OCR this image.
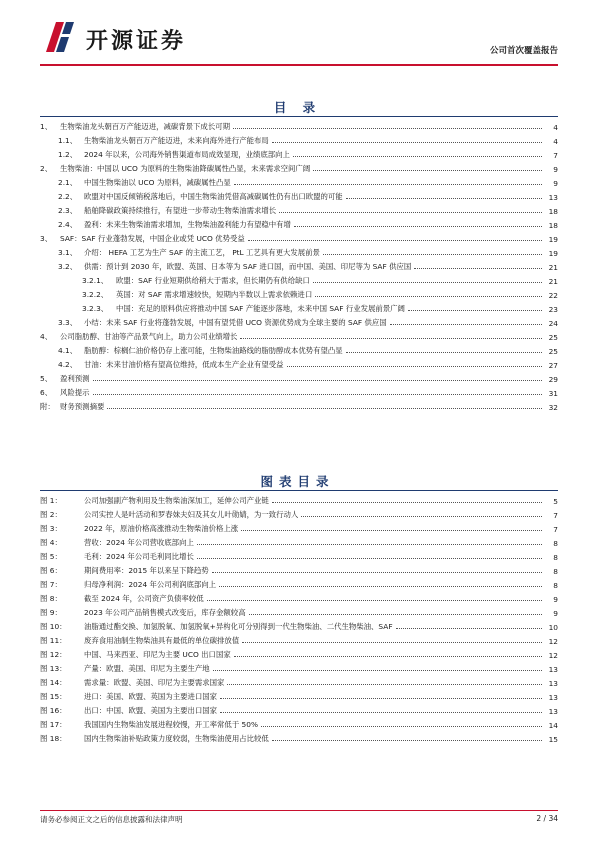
开源证券	公司首次覆盖报告
目 录
1、	生物柴油龙头朝百万产能迈进，减碳背景下成长可期	4
1.1、 生物柴油龙头朝百万产能迈进，未来向海外进行产能布局	4
1.2、 2024 年以来，公司海外销售渠道布局成效显现，业绩底部向上	7
2、	生物柴油：中国以 UCO 为原料的生物柴油降碳属性凸显，未来需求空间广阔	9
2.1、 中国生物柴油以 UCO 为原料，减碳属性凸显	9
2.2、 欧盟对中国反倾销税落地后，中国生物柴油凭借高减碳属性仍有出口欧盟的可能	13
2.3、 船舶降碳政策持续推行，有望进一步带动生物柴油需求增长	18
2.4、 盈利：未来生物柴油需求增加，生物柴油盈利能力有望稳中有增	18
3、	SAF：SAF 行业蓬勃发展，中国企业或凭 UCO 优势受益	19
3.1、 介绍： HEFA 工艺为生产 SAF 的主流工艺， PtL 工艺具有更大发展前景	19
3.2、 供需：预计到 2030 年，欧盟、英国、日本等为 SAF 进口国，而中国、美国、印尼等为 SAF 供应国	21
3.2.1、	欧盟：SAF 行业短期供给稍大于需求，但长期仍有供给缺口	21
3.2.2、	英国：对 SAF 需求增速较快，短期内半数以上需求依赖进口	22
3.2.3、	中国：充足的原料供应将推动中国 SAF 产能逐步落地，未来中国 SAF 行业发展前景广阔	23
3.3、 小结：未来 SAF 行业将蓬勃发展，中国有望凭借 UCO 资源优势成为全球主要的 SAF 供应国	24
4、	公司脂肪醇、甘油等产品景气向上，助力公司业绩增长	25
4.1、 脂肪醇：棕榈仁油价格仍存上涨可能，生物柴油路线的脂肪醇成本优势有望凸显	25
4.2、 甘油：未来甘油价格有望高位维持，低成本生产企业有望受益	27
5、	盈利预测	29
6、	风险提示	31
附： 财务预测摘要	32
图表目录
图 1：	公司加强副产物利用及生物柴油深加工，延伸公司产业链	5
图 2：	公司实控人是叶活动和罗春妹夫妇及其女儿叶勋婧，为一致行动人	7
图 3：	2022 年，原油价格高涨推动生物柴油价格上涨	7
图 4：	营收：2024 年公司营收底部向上	8
图 5：	毛利：2024 年公司毛利同比增长	8
图 6：	期间费用率：2015 年以来呈下降趋势	8
图 7：	归母净利润：2024 年公司利润底部向上	8
图 8：	截至 2024 年，公司资产负债率较低	9
图 9：	2023 年公司产品销售模式改变后，库存金额较高	9
图 10：	油脂通过酯交换、加氢脱氧、加氢脱氧+异构化可分别得到一代生物柴油、二代生物柴油、SAF	10
图 11：	废弃食用油制生物柴油具有最低的单位碳排放值	12
图 12：	中国、马来西亚、印尼为主要 UCO 出口国家	12
图 13：	产量：欧盟、美国、印尼为主要生产地	13
图 14：	需求量：欧盟、美国、印尼为主要需求国家	13
图 15：	进口：美国、欧盟、英国为主要进口国家	13
图 16：	出口：中国、欧盟、美国为主要出口国家	13
图 17：	我国国内生物柴油发展进程较慢，开工率常低于 50%	14
图 18：	国内生物柴油补贴政策力度较弱，生物柴油使用占比较低	15
请务必参阅正文之后的信息披露和法律声明	2 / 34
